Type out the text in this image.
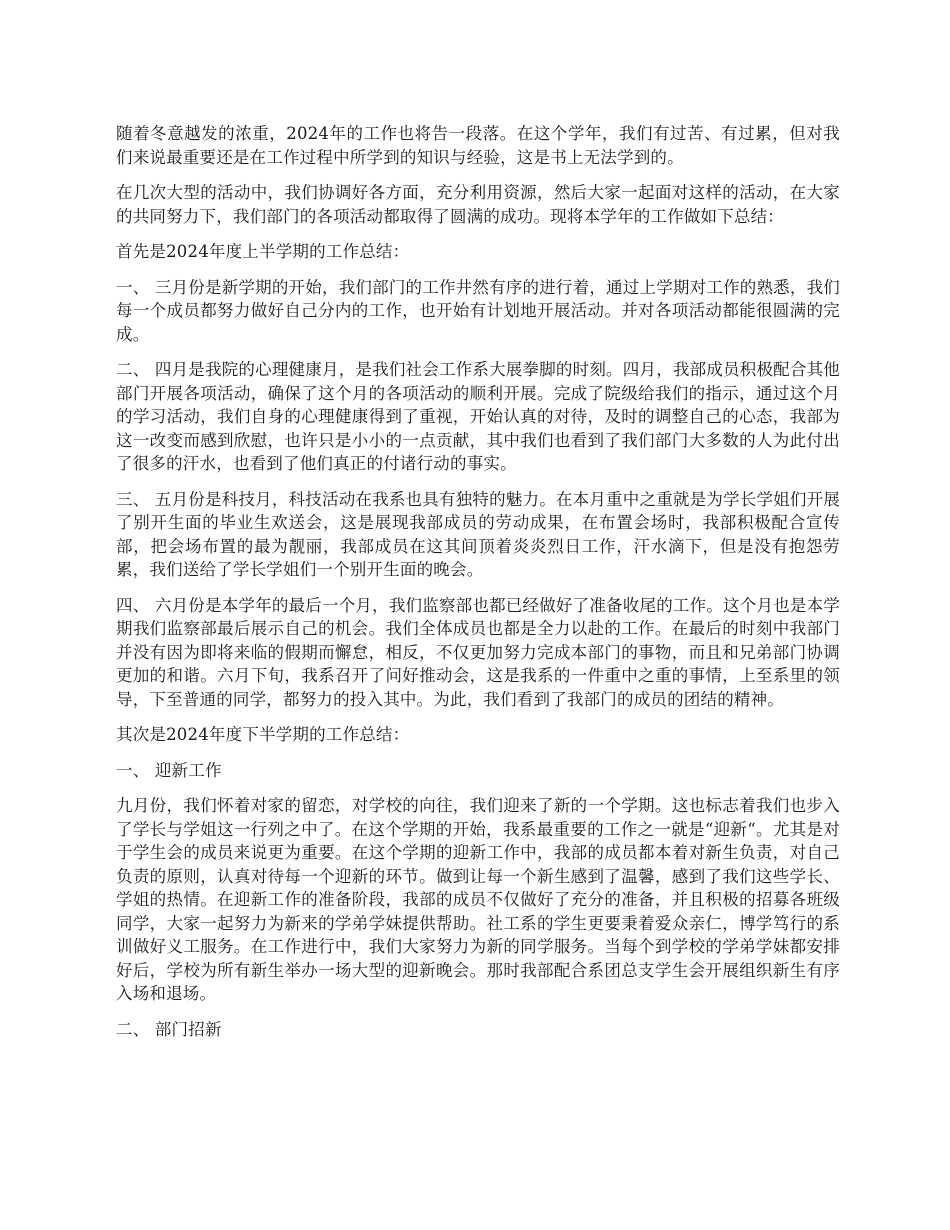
随着冬意越发的浓重，2024年的工作也将告一段落。在这个学年，我们有过苦、有过累，但对我们来说最重要还是在工作过程中所学到的知识与经验，这是书上无法学到的。

在几次大型的活动中，我们协调好各方面，充分利用资源，然后大家一起面对这样的活动，在大家的共同努力下，我们部门的各项活动都取得了圆满的成功。现将本学年的工作做如下总结：

首先是2024年度上半学期的工作总结：

一、 三月份是新学期的开始，我们部门的工作井然有序的进行着，通过上学期对工作的熟悉，我们每一个成员都努力做好自己分内的工作，也开始有计划地开展活动。并对各项活动都能很圆满的完成。

二、 四月是我院的心理健康月，是我们社会工作系大展拳脚的时刻。四月，我部成员积极配合其他部门开展各项活动，确保了这个月的各项活动的顺利开展。完成了院级给我们的指示，通过这个月的学习活动，我们自身的心理健康得到了重视，开始认真的对待，及时的调整自己的心态，我部为这一改变而感到欣慰，也许只是小小的一点贡献，其中我们也看到了我们部门大多数的人为此付出了很多的汗水，也看到了他们真正的付诸行动的事实。

三、 五月份是科技月，科技活动在我系也具有独特的魅力。在本月重中之重就是为学长学姐们开展了别开生面的毕业生欢送会，这是展现我部成员的劳动成果，在布置会场时，我部积极配合宣传部，把会场布置的最为靓丽，我部成员在这其间顶着炎炎烈日工作，汗水滴下，但是没有抱怨劳累，我们送给了学长学姐们一个别开生面的晚会。

四、 六月份是本学年的最后一个月，我们监察部也都已经做好了准备收尾的工作。这个月也是本学期我们监察部最后展示自己的机会。我们全体成员也都是全力以赴的工作。在最后的时刻中我部门并没有因为即将来临的假期而懈怠，相反，不仅更加努力完成本部门的事物，而且和兄弟部门协调更加的和谐。六月下旬，我系召开了问好推动会，这是我系的一件重中之重的事情，上至系里的领导，下至普通的同学，都努力的投入其中。为此，我们看到了我部门的成员的团结的精神。

其次是2024年度下半学期的工作总结：

一、 迎新工作

九月份，我们怀着对家的留恋，对学校的向往，我们迎来了新的一个学期。这也标志着我们也步入了学长与学姐这一行列之中了。在这个学期的开始，我系最重要的工作之一就是“迎新“。尤其是对于学生会的成员来说更为重要。在这个学期的迎新工作中，我部的成员都本着对新生负责，对自己负责的原则，认真对待每一个迎新的环节。做到让每一个新生感到了温馨，感到了我们这些学长、学姐的热情。在迎新工作的准备阶段，我部的成员不仅做好了充分的准备，并且积极的招募各班级同学，大家一起努力为新来的学弟学妹提供帮助。社工系的学生更要秉着爱众亲仁，博学笃行的系训做好义工服务。在工作进行中，我们大家努力为新的同学服务。当每个到学校的学弟学妹都安排好后，学校为所有新生举办一场大型的迎新晚会。那时我部配合系团总支学生会开展组织新生有序入场和退场。

二、 部门招新
